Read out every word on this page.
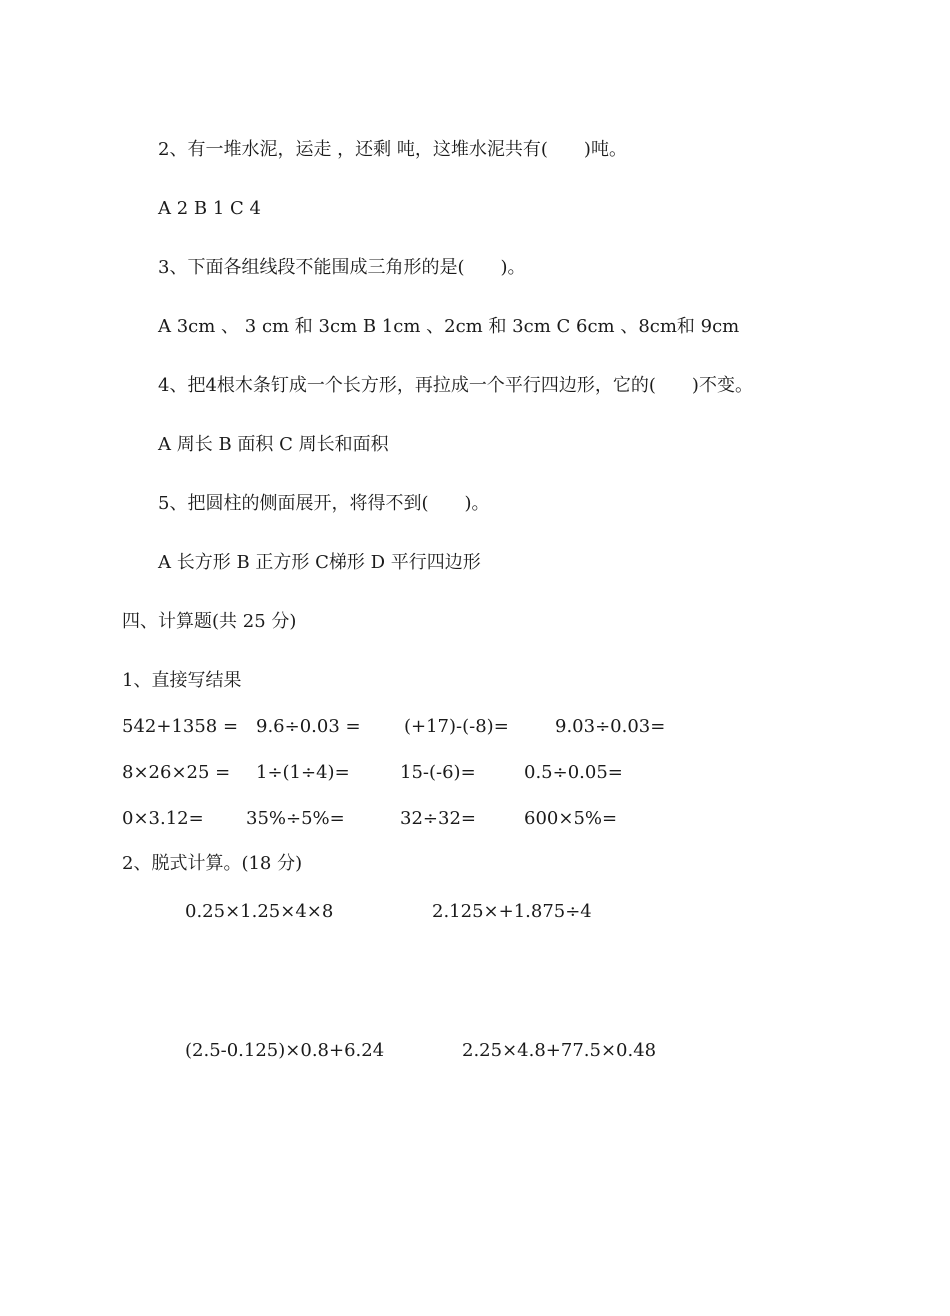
2、有一堆水泥，运走 ，还剩 吨，这堆水泥共有(　　)吨。
A 2 B 1 C 4
3、下面各组线段不能围成三角形的是(　　)。
A 3cm 、 3 cm 和 3cm B 1cm 、2cm 和 3cm C 6cm 、8cm和 9cm
4、把4根木条钉成一个长方形，再拉成一个平行四边形，它的(　　)不变。
A 周长 B 面积 C 周长和面积
5、把圆柱的侧面展开，将得不到(　　)。
A 长方形 B 正方形 C梯形 D 平行四边形
四、计算题(共 25 分)
1、直接写结果
542+1358 = 9.6÷0.03 = (+17)-(-8)=	9.03÷0.03=
8×26×25 = 1÷(1÷4)=	15-(-6)=	0.5÷0.05=
0×3.12= 35%÷5%=	32÷32=	600×5%=
2、脱式计算。(18 分)
0.25×1.25×4×8	2.125×+1.875÷4
(2.5-0.125)×0.8+6.24	2.25×4.8+77.5×0.48
